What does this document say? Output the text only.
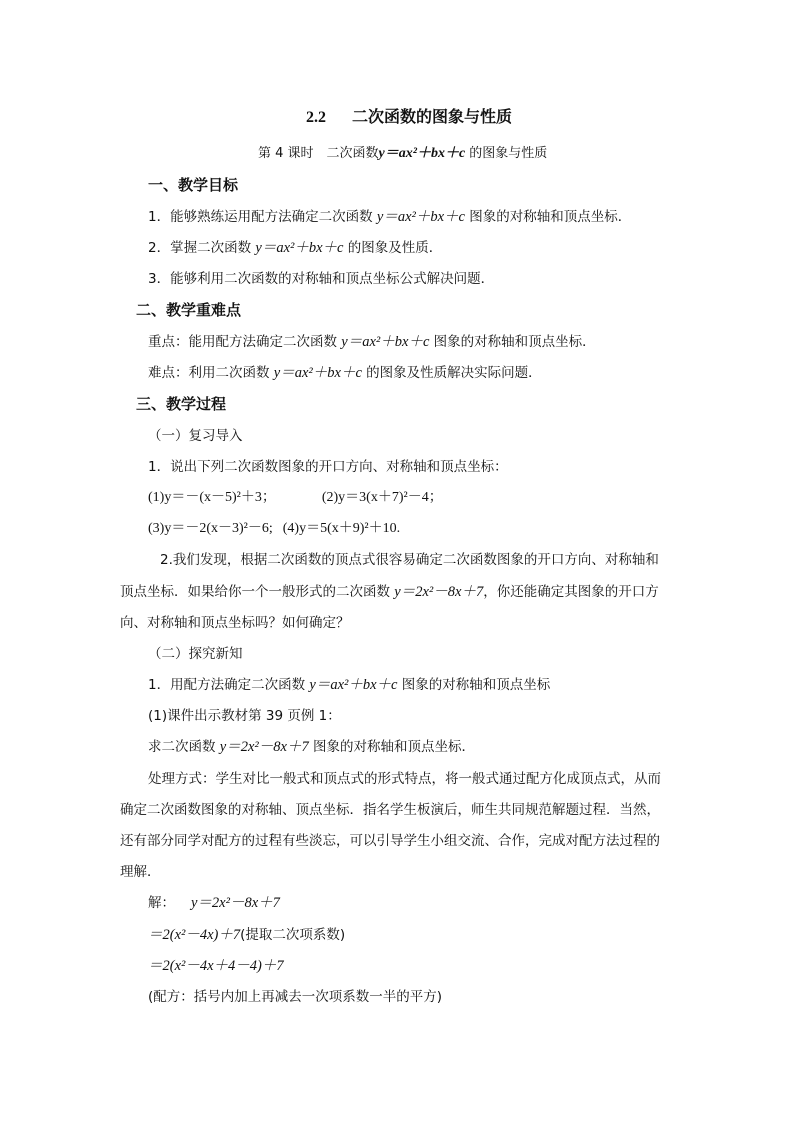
2.2 二次函数的图象与性质
第 4 课时　二次函数y＝ax²＋bx＋c 的图象与性质
一、教学目标
1．能够熟练运用配方法确定二次函数 y＝ax²＋bx＋c 图象的对称轴和顶点坐标．
2．掌握二次函数 y＝ax²＋bx＋c 的图象及性质．
3．能够利用二次函数的对称轴和顶点坐标公式解决问题．
二、教学重难点
重点：能用配方法确定二次函数 y＝ax²＋bx＋c 图象的对称轴和顶点坐标．
难点：利用二次函数 y＝ax²＋bx＋c 的图象及性质解决实际问题．
三、教学过程
（一）复习导入
1．说出下列二次函数图象的开口方向、对称轴和顶点坐标：
(1)y＝－(x－5)²＋3；	(2)y＝3(x＋7)²－4；
(3)y＝－2(x－3)²－6; (4)y＝5(x＋9)²＋10.
2.我们发现，根据二次函数的顶点式很容易确定二次函数图象的开口方向、对称轴和
顶点坐标．如果给你一个一般形式的二次函数 y＝2x²－8x＋7，你还能确定其图象的开口方
向、对称轴和顶点坐标吗？如何确定？
（二）探究新知
1．用配方法确定二次函数 y＝ax²＋bx＋c 图象的对称轴和顶点坐标
(1)课件出示教材第 39 页例 1：
求二次函数 y＝2x²－8x＋7 图象的对称轴和顶点坐标．
处理方式：学生对比一般式和顶点式的形式特点，将一般式通过配方化成顶点式，从而
确定二次函数图象的对称轴、顶点坐标．指名学生板演后，师生共同规范解题过程．当然，
还有部分同学对配方的过程有些淡忘，可以引导学生小组交流、合作，完成对配方法过程的
理解．
解： y＝2x²－8x＋7
＝2(x²－4x)＋7(提取二次项系数)
＝2(x²－4x＋4－4)＋7
(配方：括号内加上再减去一次项系数一半的平方)
